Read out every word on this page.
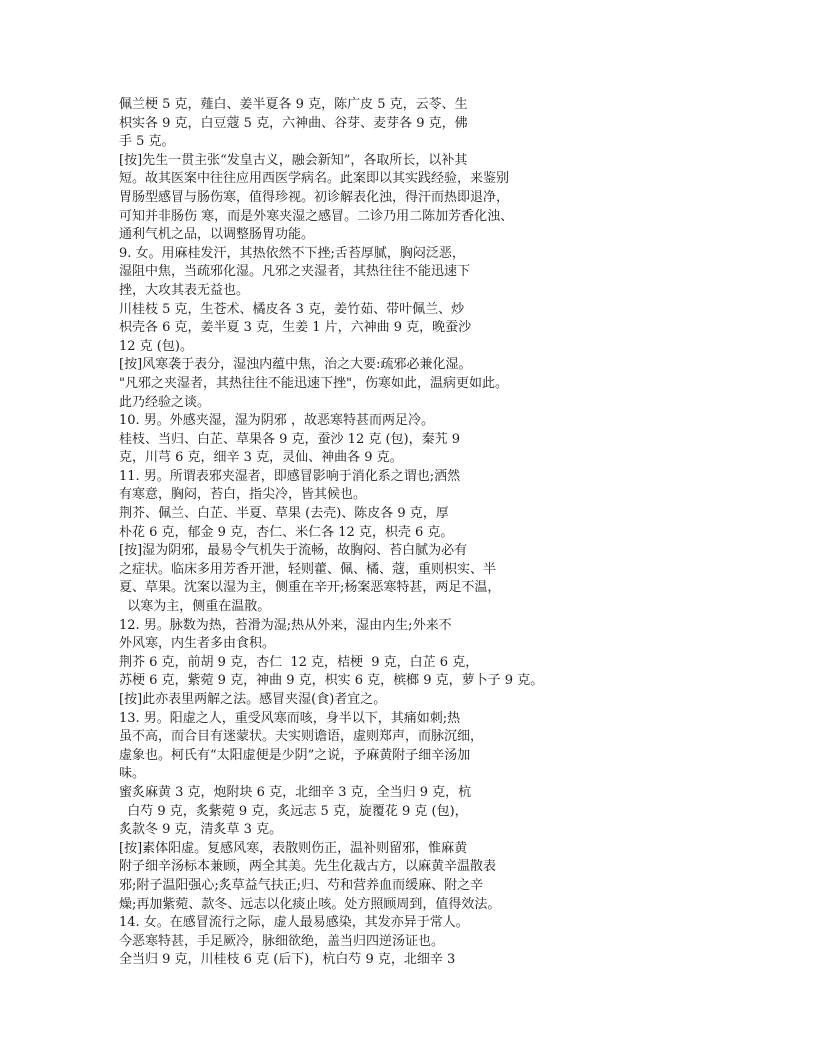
佩兰梗 5 克，薤白、姜半夏各 9 克，陈广皮 5 克，云苓、生
枳实各 9 克，白豆蔻 5 克，六神曲、谷芽、麦芽各 9 克，佛
手 5 克。
[按]先生一贯主张“发皇古义，融会新知”，各取所长，以补其
短。故其医案中往往应用西医学病名。此案即以其实践经验，来鉴别
胃肠型感冒与肠伤寒，值得珍视。初诊解表化浊，得汗而热即退净，
可知并非肠伤 寒，而是外寒夹湿之感冒。二诊乃用二陈加芳香化浊、
通利气机之品，以调整肠胃功能。
9. 女。用麻桂发汗，其热依然不下挫;舌苔厚腻，胸闷泛恶，
湿阻中焦，当疏邪化湿。凡邪之夹湿者，其热往往不能迅速下
挫，大攻其表无益也。
川桂枝 5 克，生苍术、橘皮各 3 克，姜竹茹、带叶佩兰、炒
枳壳各 6 克，姜半夏 3 克，生姜 1 片，六神曲 9 克，晚蚕沙
12 克 (包)。
[按]风寒袭于表分，湿浊内蕴中焦，治之大要:疏邪必兼化湿。
"凡邪之夹湿者，其热往往不能迅速下挫"，伤寒如此，温病更如此。
此乃经验之谈。
10. 男。外感夹湿，湿为阴邪 ，故恶寒特甚而两足冷。
桂枝、当归、白芷、草果各 9 克，蚕沙 12 克 (包)，秦艽 9
克，川芎 6 克，细辛 3 克，灵仙、神曲各 9 克。
11. 男。所谓表邪夹湿者，即感冒影响于消化系之谓也;洒然
有寒意，胸闷，苔白，指尖冷，皆其候也。
荆芥、佩兰、白芷、半夏、草果 (去壳)、陈皮各 9 克，厚
朴花 6 克，郁金 9 克，杏仁、米仁各 12 克，枳壳 6 克。
[按]湿为阴邪，最易令气机失于流畅，故胸闷、苔白腻为必有
之症状。临床多用芳香开泄，轻则藿、佩、橘、蔻，重则枳实、半
夏、草果。沈案以湿为主，侧重在辛开;杨案恶寒特甚，两足不温，
以寒为主，侧重在温散。
12. 男。脉数为热，苔滑为湿;热从外来，湿由内生;外来不
外风寒，内生者多由食积。
荆芥 6 克，前胡 9 克，杏仁  12 克，桔梗  9 克，白芷 6 克，
苏梗 6 克，紫菀 9 克，神曲 9 克，枳实 6 克，槟榔 9 克，萝卜子 9 克。
[按]此亦表里两解之法。感冒夹湿(食)者宜之。
13. 男。阳虚之人，重受风寒而咳，身半以下，其痛如刺;热
虽不高，而合目有迷蒙状。夫实则谵语，虚则郑声，而脉沉细，
虚象也。柯氏有“太阳虚便是少阴”之说，予麻黄附子细辛汤加
味。
蜜炙麻黄 3 克，炮附块 6 克，北细辛 3 克，全当归 9 克，杭
白芍 9 克，炙紫菀 9 克，炙远志 5 克，旋覆花 9 克 (包)，
炙款冬 9 克，清炙草 3 克。
[按]素体阳虚。复感风寒，表散则伤正，温补则留邪，惟麻黄
附子细辛汤标本兼顾，两全其美。先生化裁古方，以麻黄辛温散表
邪;附子温阳强心;炙草益气扶正;归、芍和营养血而缓麻、附之辛
燥;再加紫菀、款冬、远志以化痰止咳。处方照顾周到，值得效法。
14. 女。在感冒流行之际，虚人最易感染，其发亦异于常人。
今恶寒特甚，手足厥冷，脉细欲绝，盖当归四逆汤证也。
全当归 9 克，川桂枝 6 克 (后下)，杭白芍 9 克，北细辛 3
